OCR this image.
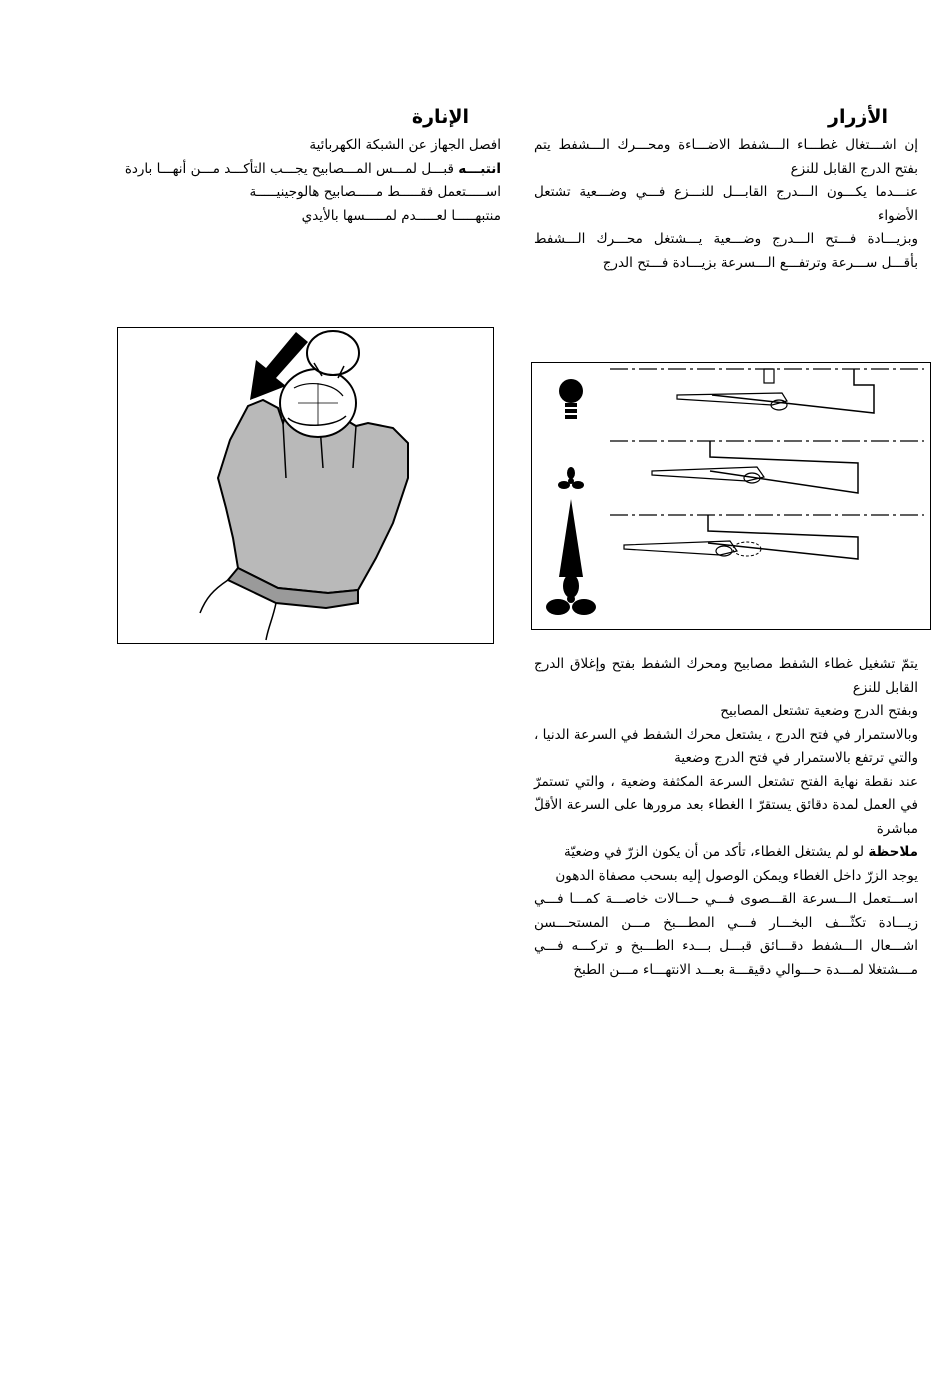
الأزرار

إن اشـــتغال غطـــاء الـــشفط الاضـــاءة ومحـــرك الـــشفط يتم بفتح الدرج القابل للنزع

عنـــدما يكـــون الـــدرج القابـــل للنـــزع فـــي وضـــعية تشتعل الأضواء

وبزيـــادة فـــتح الـــدرج وضـــعية يـــشتغل محـــرك الـــشفط بأقـــل ســـرعة وترتفـــع الـــسرعة بزيـــادة فـــتح الدرج

الإنارة

افصل الجهاز عن الشبكة الكهربائية

انتبـــه قبـــل لمـــس المـــصابيح يجـــب التأكـــد مـــن أنهـــا باردة

اســـــتعمل فقـــــط مـــــصابيح هالوجينيـــــة

منتبهـــــا لعـــــدم لمـــــسها بالأيدي

يتمّ تشغيل غطاء الشفط مصابيح ومحرك الشفط بفتح وإغلاق الدرج القابل للنزع

وبفتح الدرج وضعية تشتعل المصابيح

وبالاستمرار في فتح الدرج ، يشتعل محرك الشفط في السرعة الدنيا ، والتي ترتفع بالاستمرار في فتح الدرج وضعية

عند نقطة نهاية الفتح تشتعل السرعة المكثفة وضعية ، والتي تستمرّ في العمل لمدة دقائق يستقرّ ا الغطاء بعد مرورها على السرعة الأقلّ مباشرة

ملاحظة لو لم يشتغل الغطاء، تأكد من أن يكون الزرّ في وضعيّة

يوجد الزرّ داخل الغطاء ويمكن الوصول إليه بسحب مصفاة الدهون

اســـتعمل الـــسرعة القـــصوى فـــي حـــالات خاصـــة كمـــا فـــي زيـــادة تكثّـــف البخـــار فـــي المطـــبخ مـــن المستحـــسن اشـــعال الـــشفط دقـــائق قبـــل بـــدء الطـــبخ و تركـــه فـــي مـــشتغلا لمـــدة حـــوالي دقيقـــة بعـــد الانتهـــاء مـــن الطبخ
